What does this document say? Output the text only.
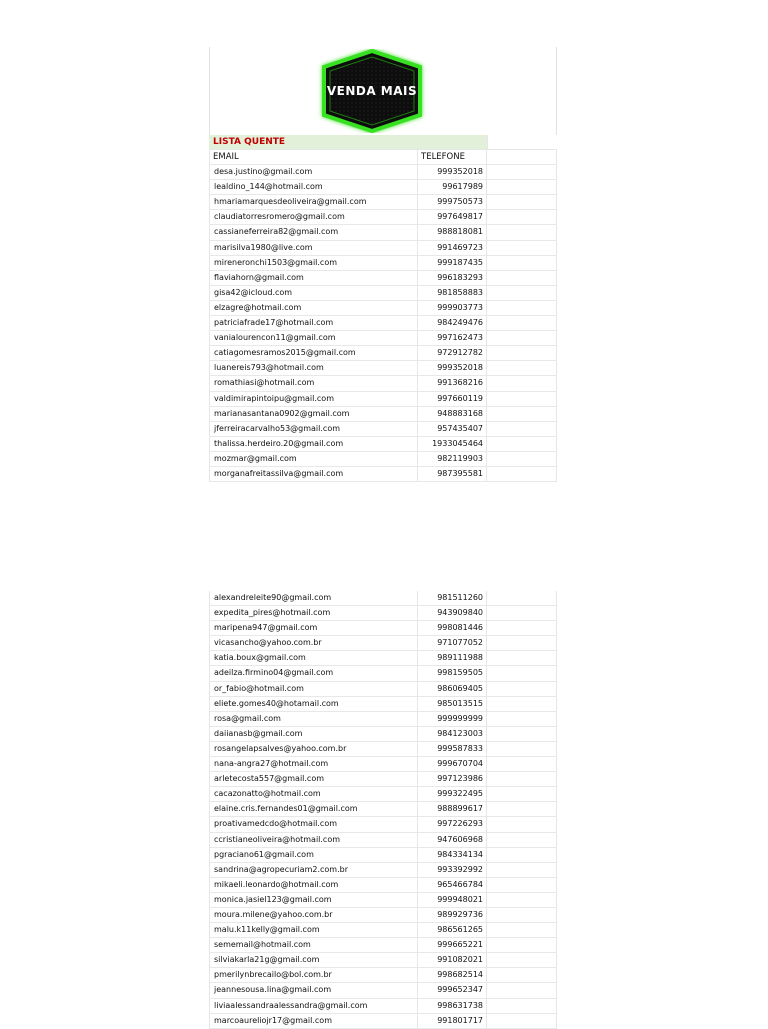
VENDA MAIS
LISTA QUENTE
EMAIL	TELEFONE
desa.justino@gmail.com	999352018
lealdino_144@hotmail.com	99617989
hmariamarquesdeoliveira@gmail.com	999750573
claudiatorresromero@gmail.com	997649817
cassianeferreira82@gmail.com	988818081
marisilva1980@live.com	991469723
mireneronchi1503@gmail.com	999187435
flaviahorn@gmail.com	996183293
gisa42@icloud.com	981858883
elzagre@hotmail.com	999903773
patriciafrade17@hotmail.com	984249476
vanialourencon11@gmail.com	997162473
catiagomesramos2015@gmail.com	972912782
luanereis793@hotmail.com	999352018
romathiasi@hotmail.com	991368216
valdimirapintoipu@gmail.com	997660119
marianasantana0902@gmail.com	948883168
jferreiracarvalho53@gmail.com	957435407
thalissa.herdeiro.20@gmail.com	1933045464
mozmar@gmail.com	982119903
morganafreitassilva@gmail.com	987395581
alexandreleite90@gmail.com	981511260
expedita_pires@hotmail.com	943909840
maripena947@gmail.com	998081446
vicasancho@yahoo.com.br	971077052
katia.boux@gmail.com	989111988
adeilza.firmino04@gmail.com	998159505
or_fabio@hotmail.com	986069405
eliete.gomes40@hotamail.com	985013515
rosa@gmail.com	999999999
daiianasb@gmail.com	984123003
rosangelapsalves@yahoo.com.br	999587833
nana-angra27@hotmail.com	999670704
arletecosta557@gmail.com	997123986
cacazonatto@hotmail.com	999322495
elaine.cris.fernandes01@gmail.com	988899617
proativamedcdo@hotmail.com	997226293
ccristianeoliveira@hotmail.com	947606968
pgraciano61@gmail.com	984334134
sandrina@agropecuriam2.com.br	993392992
mikaeli.leonardo@hotmail.com	965466784
monica.jasiel123@gmail.com	999948021
moura.milene@yahoo.com.br	989929736
malu.k11kelly@gmail.com	986561265
sememail@hotmail.com	999665221
silviakarla21g@gmail.com	991082021
pmerilynbrecailo@bol.com.br	998682514
jeannesousa.lina@gmail.com	999652347
liviaalessandraalessandra@gmail.com	998631738
marcoaureliojr17@gmail.com	991801717
